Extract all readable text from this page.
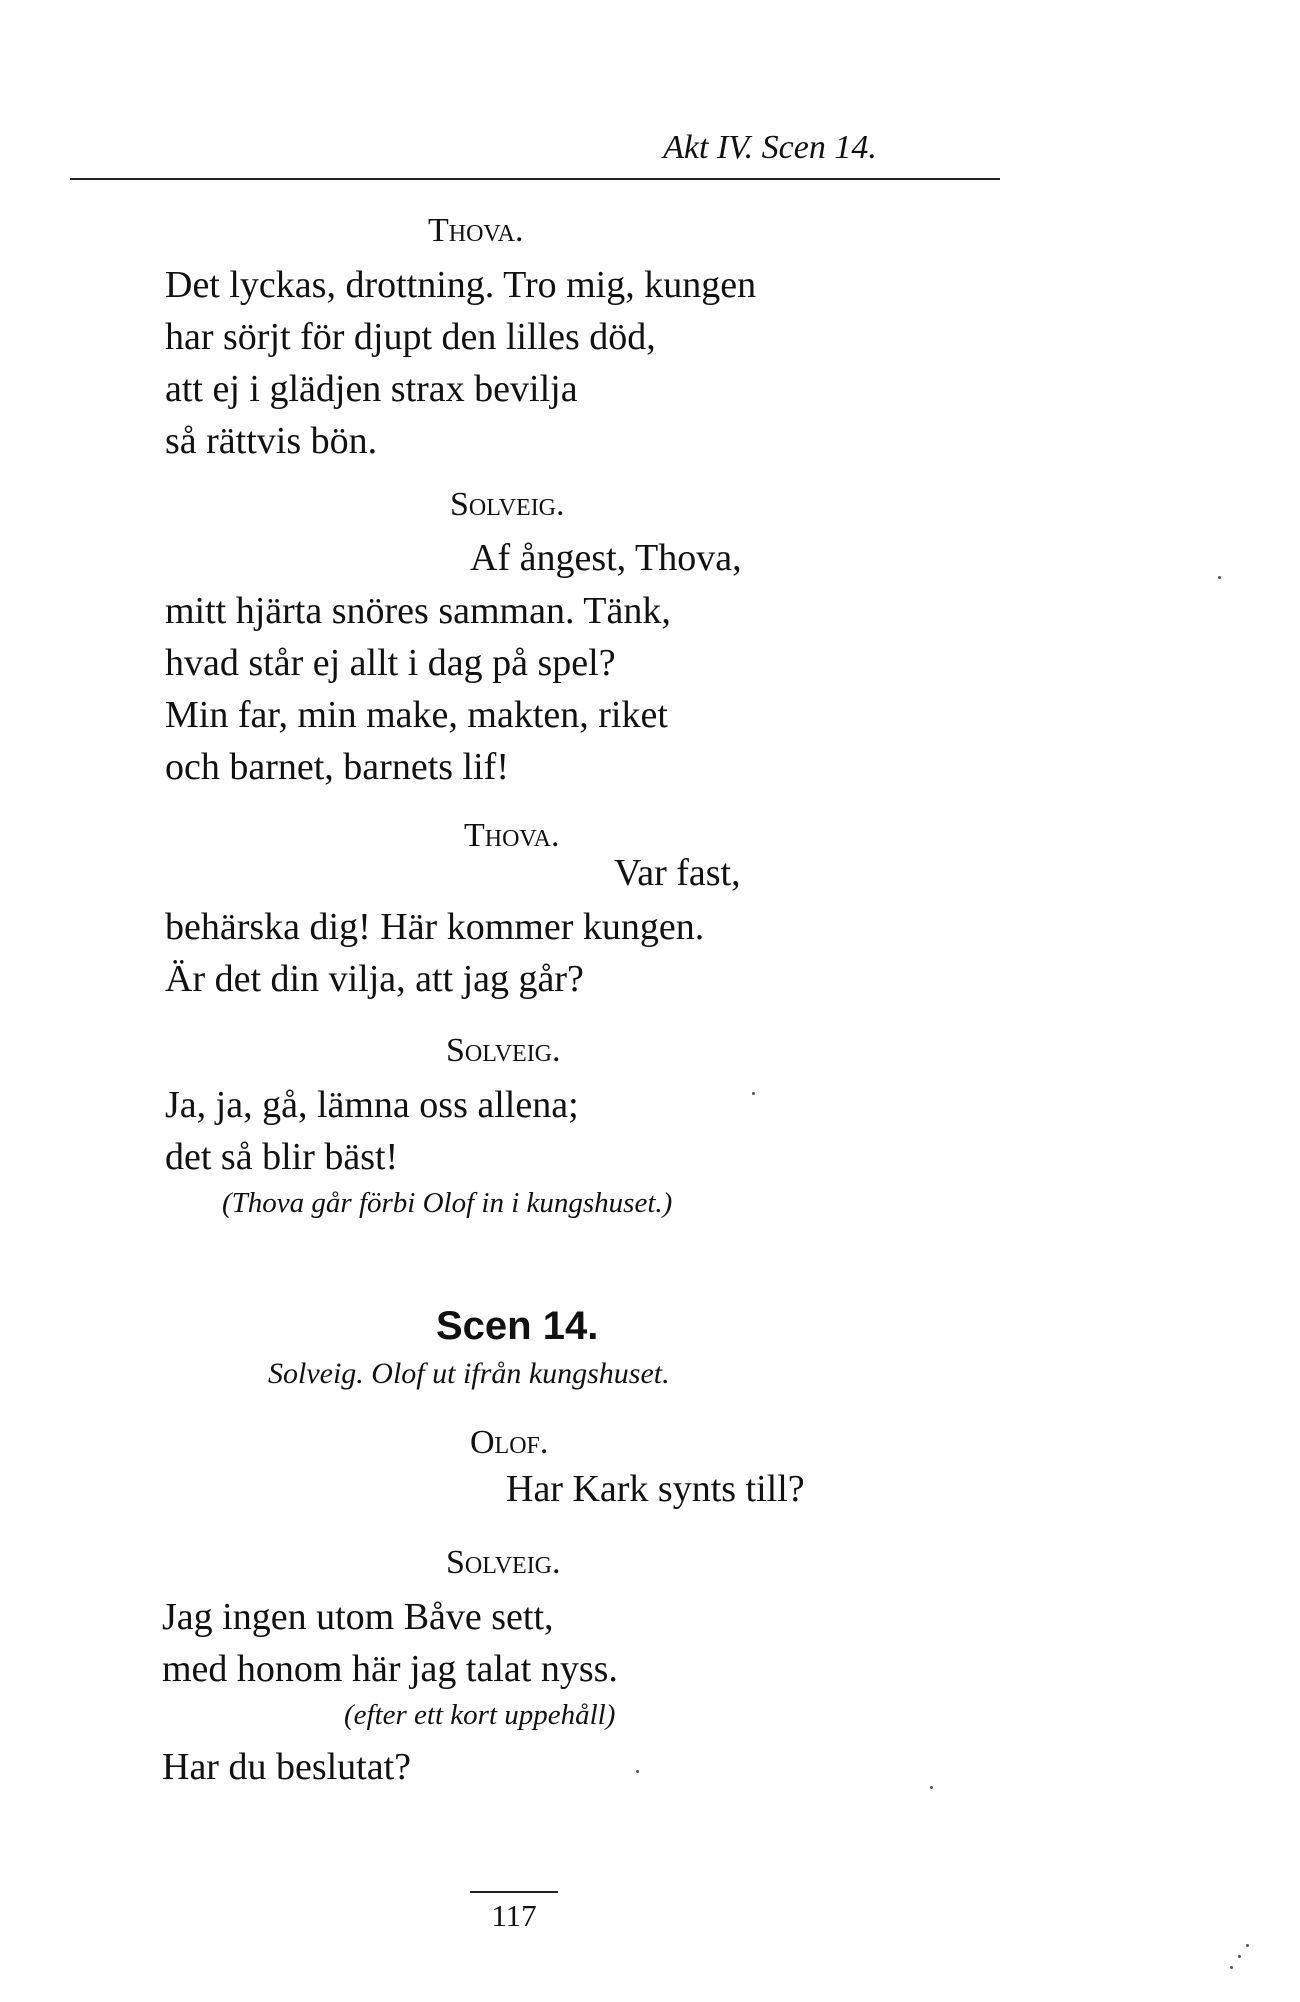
Akt IV. Scen 14.
Thova.
Det lyckas, drottning. Tro mig, kungen
har sörjt för djupt den lilles död,
att ej i glädjen strax bevilja
så rättvis bön.
Solveig.
Af ångest, Thova,
mitt hjärta snöres samman. Tänk,
hvad står ej allt i dag på spel?
Min far, min make, makten, riket
och barnet, barnets lif!
Thova.
Var fast,
behärska dig! Här kommer kungen.
Är det din vilja, att jag går?
Solveig.
Ja, ja, gå, lämna oss allena;
det så blir bäst!
(Thova går förbi Olof in i kungshuset.)
Scen 14.
Solveig. Olof ut ifrån kungshuset.
Olof.
Har Kark synts till?
Solveig.
Jag ingen utom Båve sett,
med honom här jag talat nyss.
(efter ett kort uppehåll)
Har du beslutat?
117
